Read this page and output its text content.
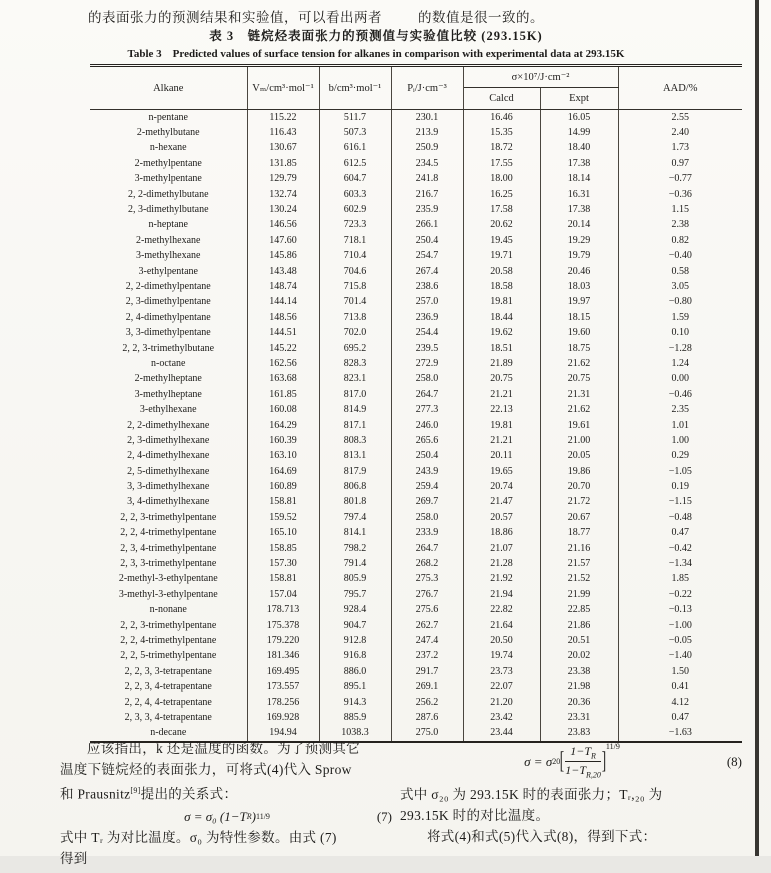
的表面张力的预测结果和实验值，可以看出两者	的数值是很一致的。
表 3　链烷烃表面张力的预测值与实验值比较 (293.15K)
Table 3　Predicted values of surface tension for alkanes in comparison with experimental data at 293.15K
Alkane	Vₘ/cm³·mol⁻¹	b/cm³·mol⁻¹	Pᵢ/J·cm⁻³	σ×10⁷/J·cm⁻²		AAD/%
				Calcd	Expt	
n-pentane	115.22	511.7	230.1	16.46	16.05	2.55
2-methylbutane	116.43	507.3	213.9	15.35	14.99	2.40
n-hexane	130.67	616.1	250.9	18.72	18.40	1.73
2-methylpentane	131.85	612.5	234.5	17.55	17.38	0.97
3-methylpentane	129.79	604.7	241.8	18.00	18.14	−0.77
2, 2-dimethylbutane	132.74	603.3	216.7	16.25	16.31	−0.36
2, 3-dimethylbutane	130.24	602.9	235.9	17.58	17.38	1.15
n-heptane	146.56	723.3	266.1	20.62	20.14	2.38
2-methylhexane	147.60	718.1	250.4	19.45	19.29	0.82
3-methylhexane	145.86	710.4	254.7	19.71	19.79	−0.40
3-ethylpentane	143.48	704.6	267.4	20.58	20.46	0.58
2, 2-dimethylpentane	148.74	715.8	238.6	18.58	18.03	3.05
2, 3-dimethylpentane	144.14	701.4	257.0	19.81	19.97	−0.80
2, 4-dimethylpentane	148.56	713.8	236.9	18.44	18.15	1.59
3, 3-dimethylpentane	144.51	702.0	254.4	19.62	19.60	0.10
2, 2, 3-trimethylbutane	145.22	695.2	239.5	18.51	18.75	−1.28
n-octane	162.56	828.3	272.9	21.89	21.62	1.24
2-methylheptane	163.68	823.1	258.0	20.75	20.75	0.00
3-methylheptane	161.85	817.0	264.7	21.21	21.31	−0.46
3-ethylhexane	160.08	814.9	277.3	22.13	21.62	2.35
2, 2-dimethylhexane	164.29	817.1	246.0	19.81	19.61	1.01
2, 3-dimethylhexane	160.39	808.3	265.6	21.21	21.00	1.00
2, 4-dimethylhexane	163.10	813.1	250.4	20.11	20.05	0.29
2, 5-dimethylhexane	164.69	817.9	243.9	19.65	19.86	−1.05
3, 3-dimethylhexane	160.89	806.8	259.4	20.74	20.70	0.19
3, 4-dimethylhexane	158.81	801.8	269.7	21.47	21.72	−1.15
2, 2, 3-trimethylpentane	159.52	797.4	258.0	20.57	20.67	−0.48
2, 2, 4-trimethylpentane	165.10	814.1	233.9	18.86	18.77	0.47
2, 3, 4-trimethylpentane	158.85	798.2	264.7	21.07	21.16	−0.42
2, 3, 3-trimethylpentane	157.30	791.4	268.2	21.28	21.57	−1.34
2-methyl-3-ethylpentane	158.81	805.9	275.3	21.92	21.52	1.85
3-methyl-3-ethylpentane	157.04	795.7	276.7	21.94	21.99	−0.22
n-nonane	178.713	928.4	275.6	22.82	22.85	−0.13
2, 2, 3-trimethylpentane	175.378	904.7	262.7	21.64	21.86	−1.00
2, 2, 4-trimethylpentane	179.220	912.8	247.4	20.50	20.51	−0.05
2, 2, 5-trimethylpentane	181.346	916.8	237.2	19.74	20.02	−1.40
2, 2, 3, 3-tetrapentane	169.495	886.0	291.7	23.73	23.38	1.50
2, 2, 3, 4-tetrapentane	173.557	895.1	269.1	22.07	21.98	0.41
2, 2, 4, 4-tetrapentane	178.256	914.3	256.2	21.20	20.36	4.12
2, 3, 3, 4-tetrapentane	169.928	885.9	287.6	23.42	23.31	0.47
n-decane	194.94	1038.3	275.0	23.44	23.83	−1.63

应该指出，k 还是温度的函数。为了预测其它

温度下链烷烃的表面张力，可将式(4)代入 Sprow

和 Prausnitz[9]提出的关系式：

σ = σ₀ (1−T R ) 11/9	(7)

式中 Tᵣ 为对比温度。σ₀ 为特性参数。由式 (7)

得到

σ = σ 20 [ $\frac{1-T_R}{1-T_{R,20}}$ ]
$^{11/9}$
(8)

式中 σ₂₀ 为 293.15K 时的表面张力；Tᵣ,₂₀ 为

293.15K 时的对比温度。

将式(4)和式(5)代入式(8)，得到下式：
